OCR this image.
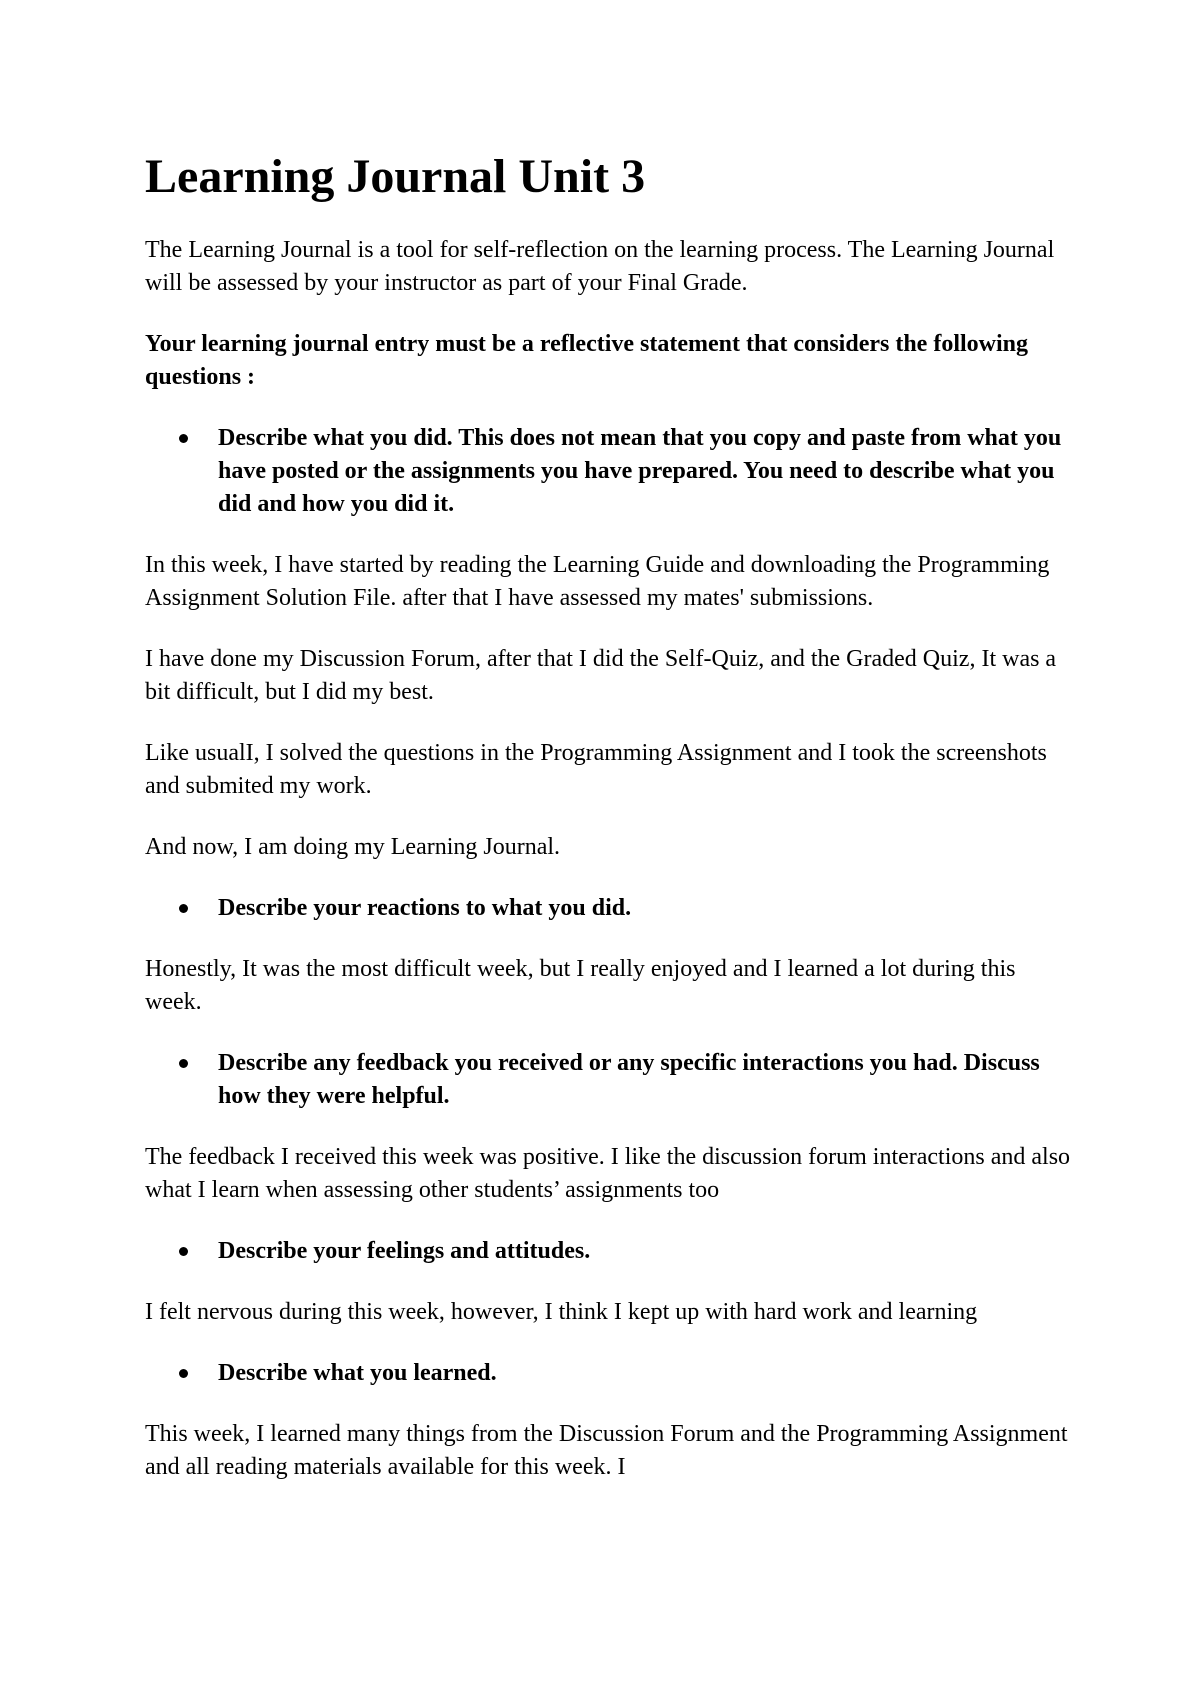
Learning Journal Unit 3

The Learning Journal is a tool for self-reflection on the learning process. The Learning Journal will be assessed by your instructor as part of your Final Grade.

Your learning journal entry must be a reflective statement that considers the following questions :

Describe what you did. This does not mean that you copy and paste from what you have posted or the assignments you have prepared. You need to describe what you did and how you did it.

In this week, I have started by reading the Learning Guide and downloading the Programming Assignment Solution File. after that I have assessed my mates' submissions.

I have done my Discussion Forum, after that I did the Self-Quiz, and the Graded Quiz, It was a bit difficult, but I did my best.

Like usualI, I solved the questions in the Programming Assignment and I took the screenshots and submited my work.

And now, I am doing my Learning Journal.

Describe your reactions to what you did.

Honestly, It was the most difficult week, but I really enjoyed and I learned a lot during this week.

Describe any feedback you received or any specific interactions you had. Discuss how they were helpful.

The feedback I received this week was positive. I like the discussion forum interactions and also what I learn when assessing other students’ assignments too

Describe your feelings and attitudes.

I felt nervous during this week, however, I think I kept up with hard work and learning

Describe what you learned.

This week, I learned many things from the Discussion Forum and the Programming Assignment and all reading materials available for this week. I
